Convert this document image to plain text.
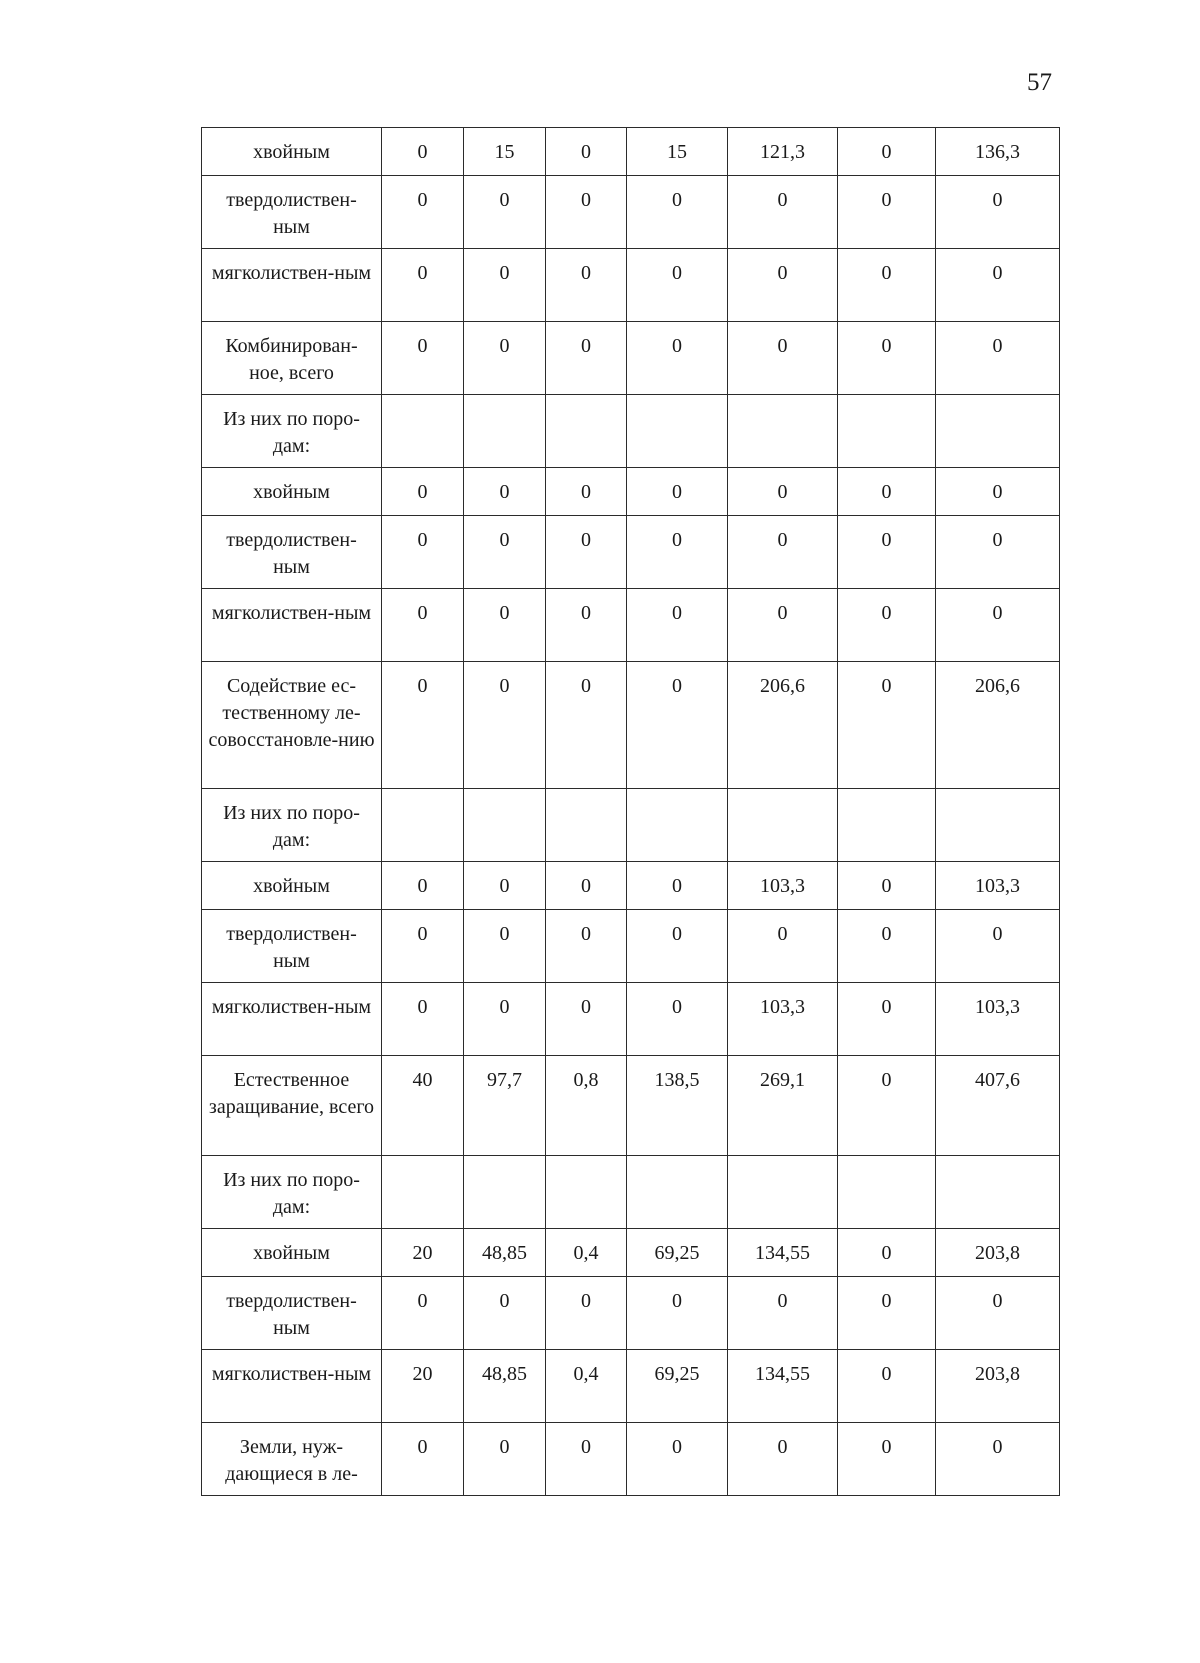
57
хвойным	0	15	0	15	121,3	0	136,3
твердолиствен-ным	0	0	0	0	0	0	0
мягколиствен-ным	0	0	0	0	0	0	0
Комбинирован-ное, всего	0	0	0	0	0	0	0
Из них по поро-дам:							
хвойным	0	0	0	0	0	0	0
твердолиствен-ным	0	0	0	0	0	0	0
мягколиствен-ным	0	0	0	0	0	0	0
Содействие ес-тественному ле-совосстановле-нию	0	0	0	0	206,6	0	206,6
Из них по поро-дам:							
хвойным	0	0	0	0	103,3	0	103,3
твердолиствен-ным	0	0	0	0	0	0	0
мягколиствен-ным	0	0	0	0	103,3	0	103,3
Естественное заращивание, всего	40	97,7	0,8	138,5	269,1	0	407,6
Из них по поро-дам:							
хвойным	20	48,85	0,4	69,25	134,55	0	203,8
твердолиствен-ным	0	0	0	0	0	0	0
мягколиствен-ным	20	48,85	0,4	69,25	134,55	0	203,8
Земли, нуж-дающиеся в ле-	0	0	0	0	0	0	0
